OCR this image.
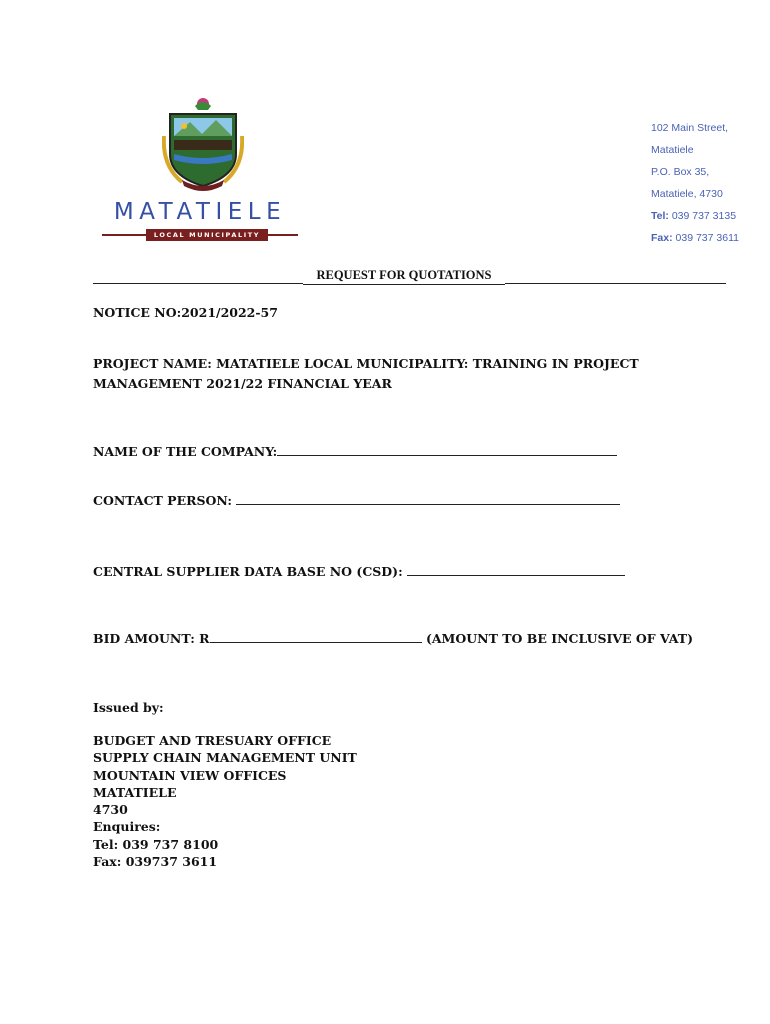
MATATIELE
LOCAL MUNICIPALITY
102 Main Street,
Matatiele
P.O. Box 35,
Matatiele, 4730
Tel: 039 737 3135
Fax: 039 737 3611
REQUEST FOR QUOTATIONS
NOTICE NO:2021/2022-57
PROJECT NAME: MATATIELE LOCAL MUNICIPALITY: TRAINING IN PROJECT
MANAGEMENT 2021/22 FINANCIAL YEAR
NAME OF THE COMPANY:
CONTACT PERSON:
CENTRAL SUPPLIER DATA BASE NO (CSD):
BID AMOUNT: R	(AMOUNT TO BE INCLUSIVE OF VAT)
Issued by:
BUDGET AND TRESUARY OFFICE
SUPPLY CHAIN MANAGEMENT UNIT
MOUNTAIN VIEW OFFICES
MATATIELE
4730
Enquires:
Tel: 039 737 8100
Fax: 039737 3611
